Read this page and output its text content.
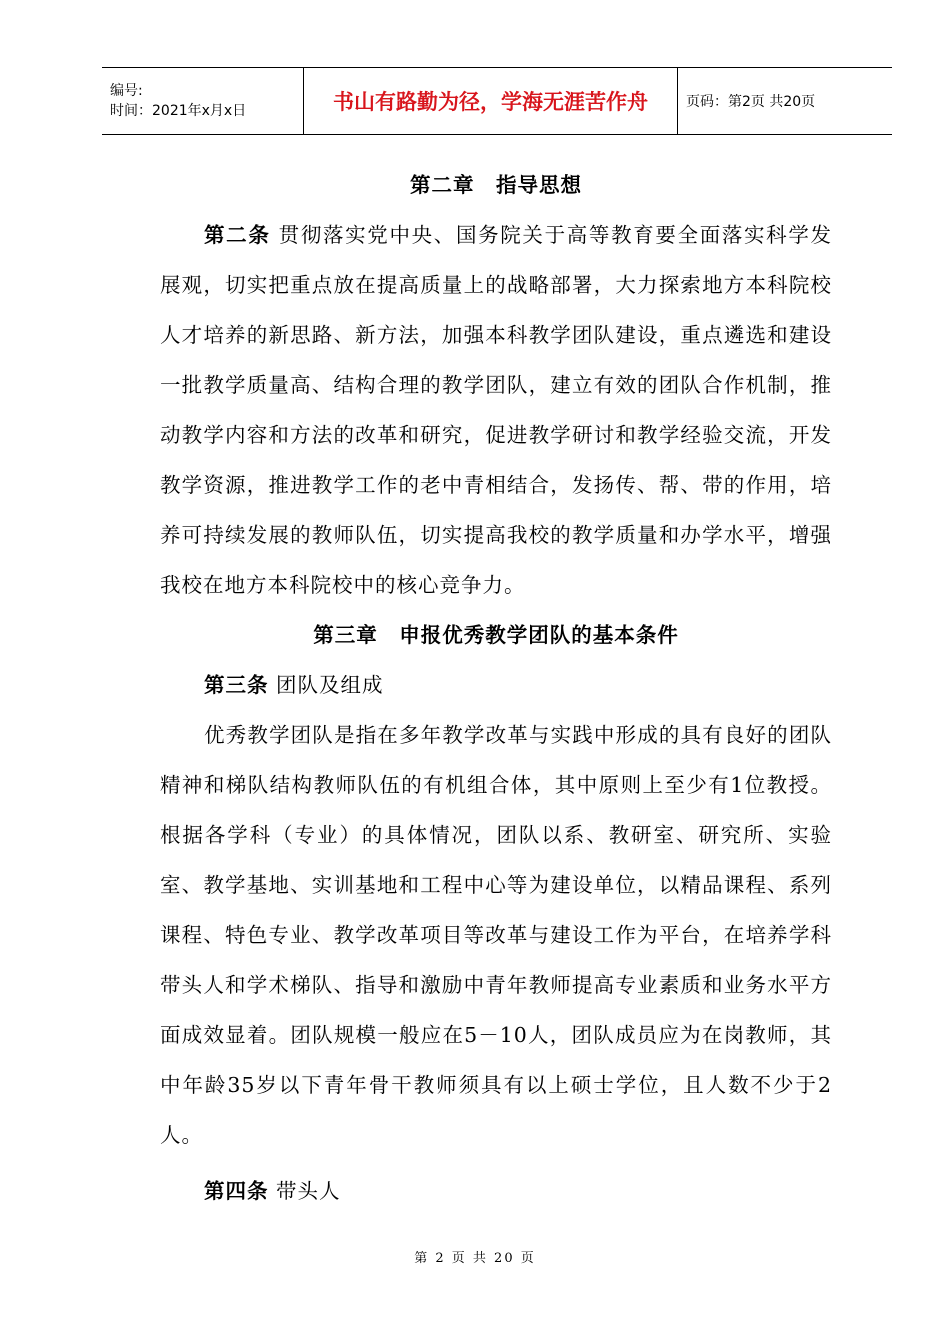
编号:
时间：2021年x月x日	书山有路勤为径，学海无涯苦作舟	页码：第2页 共20页
第二章　指导思想

第二条 贯彻落实党中央、国务院关于高等教育要全面落实科学发展观，切实把重点放在提高质量上的战略部署，大力探索地方本科院校人才培养的新思路、新方法，加强本科教学团队建设，重点遴选和建设一批教学质量高、结构合理的教学团队，建立有效的团队合作机制，推动教学内容和方法的改革和研究，促进教学研讨和教学经验交流，开发教学资源，推进教学工作的老中青相结合，发扬传、帮、带的作用，培养可持续发展的教师队伍，切实提高我校的教学质量和办学水平，增强我校在地方本科院校中的核心竞争力。

第三章　申报优秀教学团队的基本条件

第三条 团队及组成

优秀教学团队是指在多年教学改革与实践中形成的具有良好的团队精神和梯队结构教师队伍的有机组合体，其中原则上至少有1位教授。根据各学科（专业）的具体情况，团队以系、教研室、研究所、实验室、教学基地、实训基地和工程中心等为建设单位，以精品课程、系列课程、特色专业、教学改革项目等改革与建设工作为平台，在培养学科带头人和学术梯队、指导和激励中青年教师提高专业素质和业务水平方面成效显着。团队规模一般应在5－10人，团队成员应为在岗教师，其中年龄35岁以下青年骨干教师须具有以上硕士学位，且人数不少于2人。

第四条 带头人

第 2 页 共 20 页
